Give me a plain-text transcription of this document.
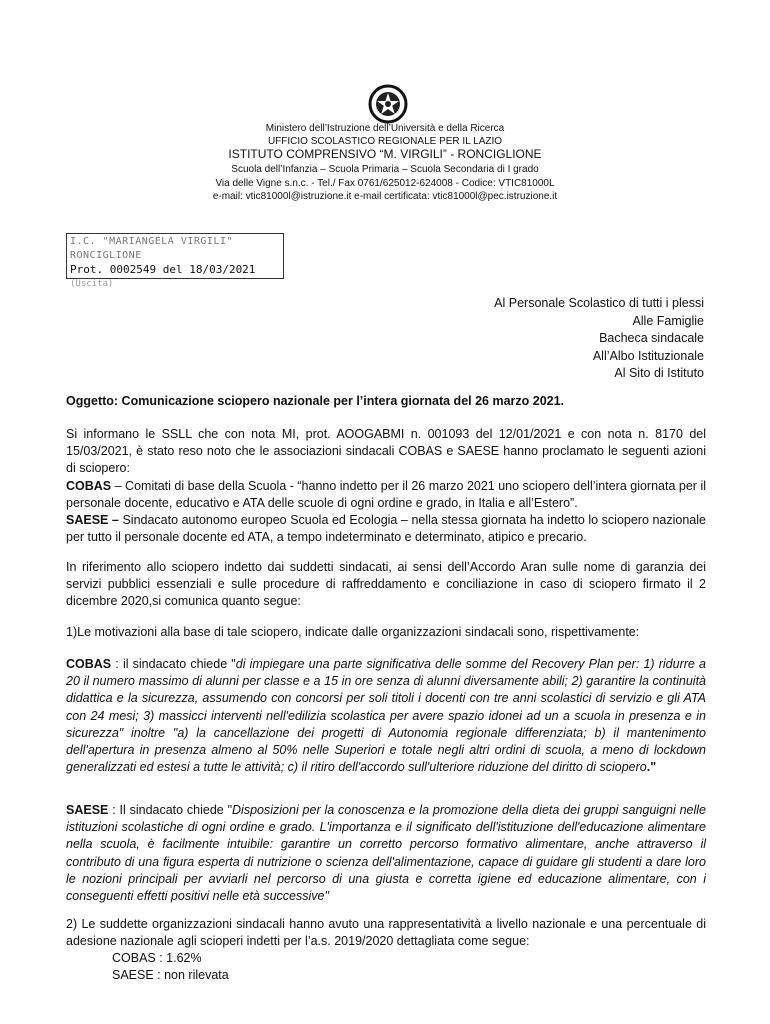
Ministero dell’Istruzione dell’Università e della Ricerca
UFFICIO SCOLASTICO REGIONALE PER IL LAZIO
ISTITUTO COMPRENSIVO “M. VIRGILI” - RONCIGLIONE
Scuola dell’Infanzia – Scuola Primaria – Scuola Secondaria di I grado
Via delle Vigne s.n.c. - Tel./ Fax 0761/625012-624008 - Codice: VTIC81000L
e-mail: vtic81000l@istruzione.it e-mail certificata: vtic81000l@pec.istruzione.it
I.C. "MARIANGELA VIRGILI" RONCIGLIONE
Prot. 0002549 del 18/03/2021
(Uscita)
Al Personale Scolastico di tutti i plessi
Alle Famiglie
Bacheca sindacale
All’Albo Istituzionale
Al Sito di Istituto
Oggetto: Comunicazione sciopero nazionale per l’intera giornata del 26 marzo 2021.

Si informano le SSLL che con nota MI, prot. AOOGABMI n. 001093 del 12/01/2021 e con nota n. 8170 del 15/03/2021, è stato reso noto che le associazioni sindacali COBAS e SAESE hanno proclamato le seguenti azioni di sciopero:

COBAS – Comitati di base della Scuola - “hanno indetto per il 26 marzo 2021 uno sciopero dell’intera giornata per il personale docente, educativo e ATA delle scuole di ogni ordine e grado, in Italia e all’Estero”.

SAESE – Sindacato autonomo europeo Scuola ed Ecologia – nella stessa giornata ha indetto lo sciopero nazionale per tutto il personale docente ed ATA, a tempo indeterminato e determinato, atipico e precario.

In riferimento allo sciopero indetto dai suddetti sindacati, ai sensi dell’Accordo Aran sulle nome di garanzia dei servizi pubblici essenziali e sulle procedure di raffreddamento e conciliazione in caso di sciopero firmato il 2 dicembre 2020,si comunica quanto segue:
1)Le motivazioni alla base di tale sciopero, indicate dalle organizzazioni sindacali sono, rispettivamente:

COBAS : il sindacato chiede "di impiegare una parte significativa delle somme del Recovery Plan per: 1) ridurre a 20 il numero massimo di alunni per classe e a 15 in ore senza di alunni diversamente abili; 2) garantire la continuità didattica e la sicurezza, assumendo con concorsi per soli titoli i docenti con tre anni scolastici di servizio e gli ATA con 24 mesi; 3) massicci interventi nell'edilizia scolastica per avere spazio idonei ad un a scuola in presenza e in sicurezza" inoltre "a) la cancellazione dei progetti di Autonomia regionale differenziata; b) il mantenimento dell'apertura in presenza almeno al 50% nelle Superiori e totale negli altri ordini di scuola, a meno di lockdown generalizzati ed estesi a tutte le attività; c) il ritiro dell'accordo sull'ulteriore riduzione del diritto di sciopero."

SAESE : Il sindacato chiede "Disposizioni per la conoscenza e la promozione della dieta dei gruppi sanguigni nelle istituzioni scolastiche di ogni ordine e grado. L'importanza e il significato dell'istituzione dell'educazione alimentare nella scuola, è facilmente intuibile: garantire un corretto percorso formativo alimentare, anche attraverso il contributo di una figura esperta di nutrizione o scienza dell'alimentazione, capace di guidare gli studenti a dare loro le nozioni principali per avviarli nel percorso di una giusta e corretta igiene ed educazione alimentare, con i conseguenti effetti positivi nelle età successive"

2) Le suddette organizzazioni sindacali hanno avuto una rappresentatività a livello nazionale e una percentuale di adesione nazionale agli scioperi indetti per l’a.s. 2019/2020 dettagliata come segue:
COBAS : 1.62%
SAESE : non rilevata
